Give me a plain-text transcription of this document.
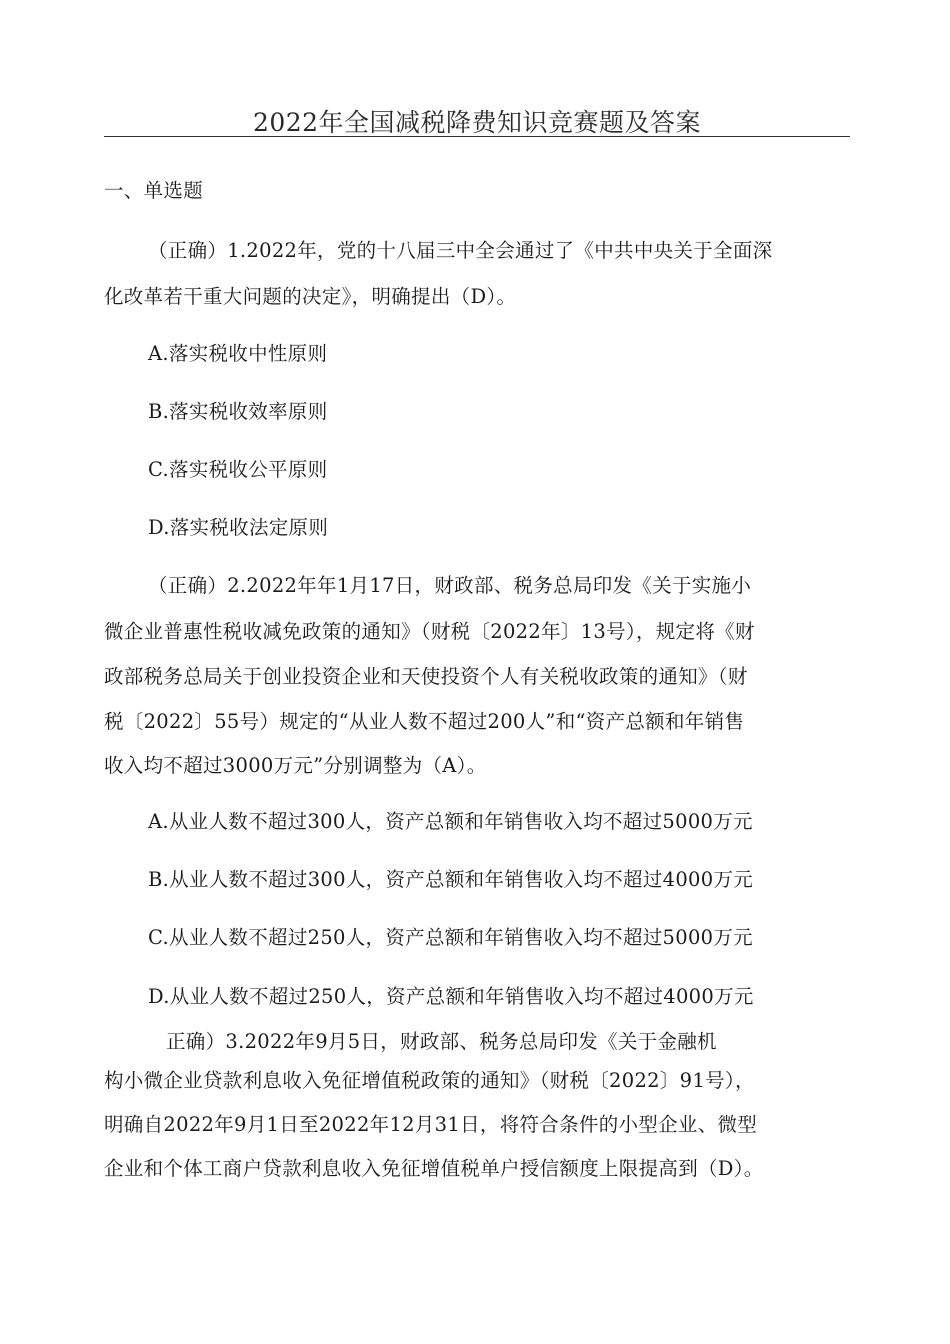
2022年全国减税降费知识竞赛题及答案
一、单选题
（正确）1.2022年，党的十八届三中全会通过了《中共中央关于全面深
化改革若干重大问题的决定》，明确提出（D）。
A.落实税收中性原则
B.落实税收效率原则
C.落实税收公平原则
D.落实税收法定原则
（正确）2.2022年年1月17日，财政部、税务总局印发《关于实施小
微企业普惠性税收减免政策的通知》（财税〔2022年〕13号），规定将《财
政部税务总局关于创业投资企业和天使投资个人有关税收政策的通知》（财
税〔2022〕55号）规定的“从业人数不超过200人”和“资产总额和年销售
收入均不超过3000万元”分别调整为（A）。
A.从业人数不超过300人，资产总额和年销售收入均不超过5000万元
B.从业人数不超过300人，资产总额和年销售收入均不超过4000万元
C.从业人数不超过250人，资产总额和年销售收入均不超过5000万元
D.从业人数不超过250人，资产总额和年销售收入均不超过4000万元
正确）3.2022年9月5日，财政部、税务总局印发《关于金融机
构小微企业贷款利息收入免征增值税政策的通知》（财税〔2022〕91号），
明确自2022年9月1日至2022年12月31日，将符合条件的小型企业、微型
企业和个体工商户贷款利息收入免征增值税单户授信额度上限提高到（D）。
